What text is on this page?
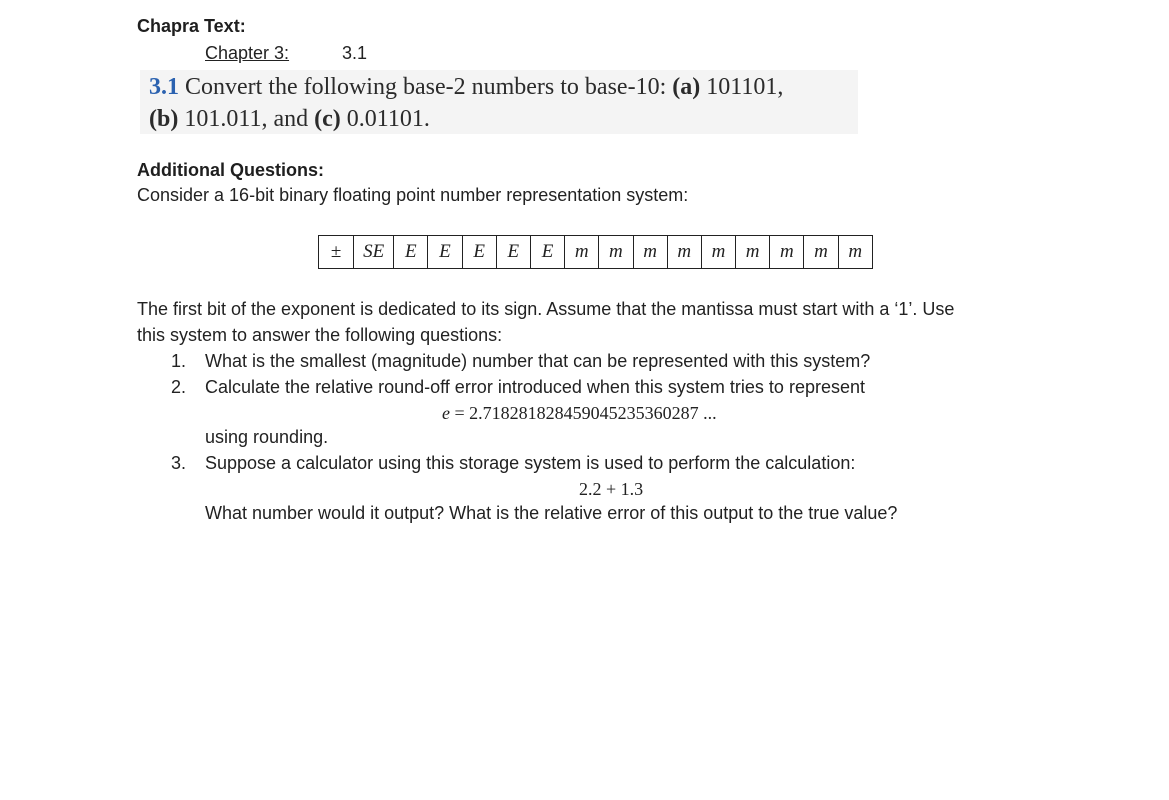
Chapra Text:
Chapter 3:	3.1
3.1 Convert the following base-2 numbers to base-10: (a) 101101,
(b) 101.011, and (c) 0.01101.
Additional Questions:
Consider a 16-bit binary floating point number representation system:
±	SE	E	E	E	E	E	m	m	m	m	m	m	m	m	m
The first bit of the exponent is dedicated to its sign. Assume that the mantissa must start with a ‘1’. Use
this system to answer the following questions:
1. What is the smallest (magnitude) number that can be represented with this system?
2. Calculate the relative round-off error introduced when this system tries to represent
e = 2.718281828459045235360287 ...
using rounding.
3. Suppose a calculator using this storage system is used to perform the calculation:
2.2 + 1.3
What number would it output? What is the relative error of this output to the true value?
